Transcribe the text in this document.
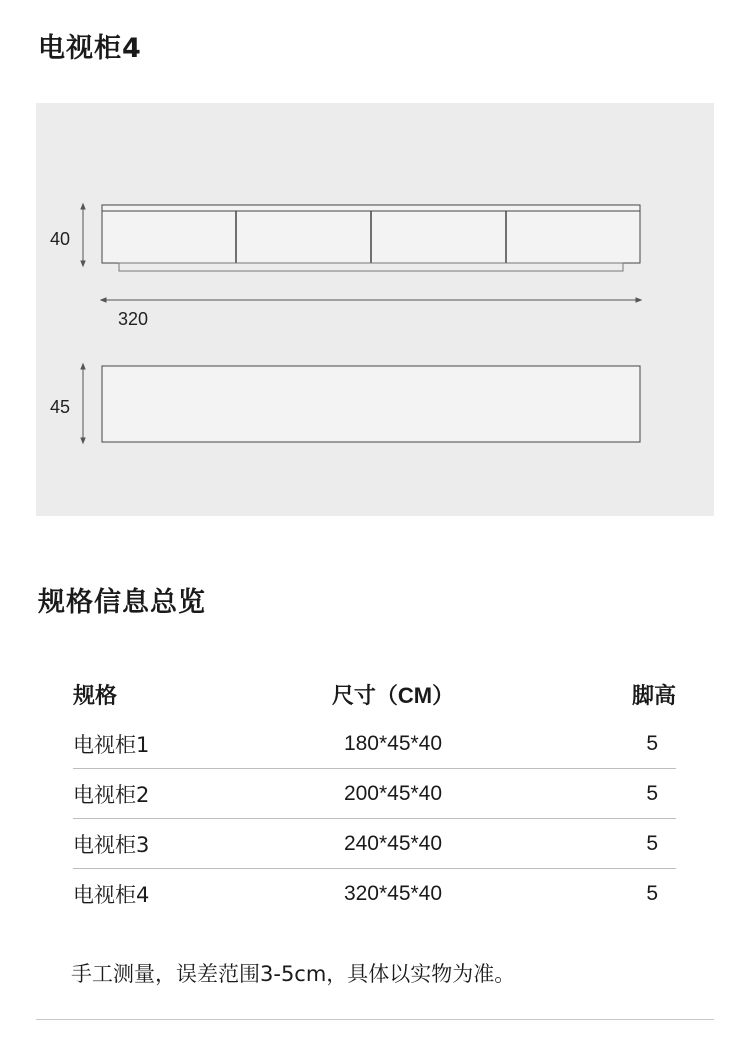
电视柜4
40
320
45
规格信息总览
规格	尺寸（CM）	脚高
电视柜1	180*45*40	5
电视柜2	200*45*40	5
电视柜3	240*45*40	5
电视柜4	320*45*40	5
手工测量，误差范围3-5cm，具体以实物为准。
